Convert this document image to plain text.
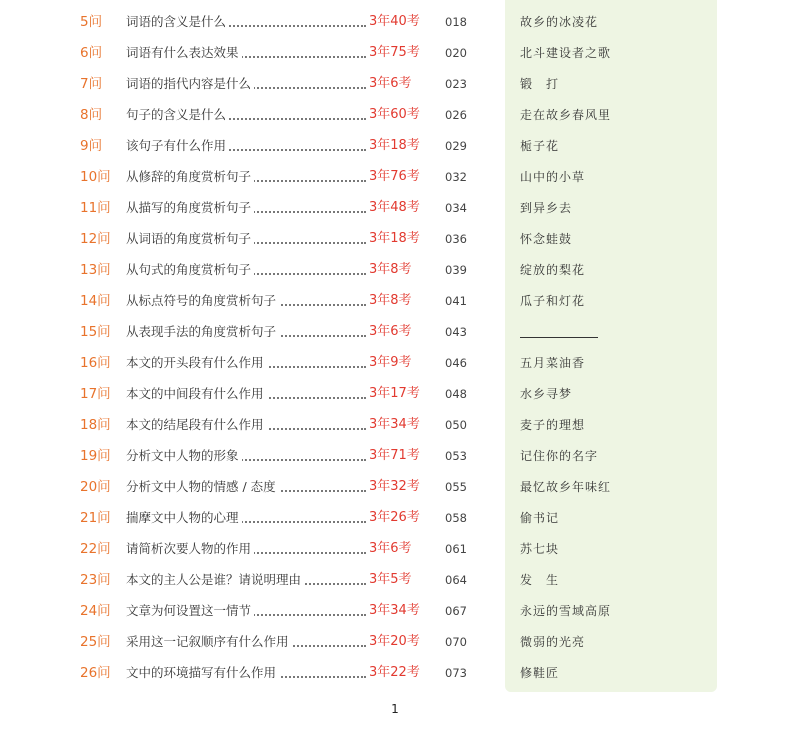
5问	词语的含义是什么	3年40考	018
6问	词语有什么表达效果	3年75考	020
7问	词语的指代内容是什么	3年6考	023
8问	句子的含义是什么	3年60考	026
9问	该句子有什么作用	3年18考	029
10问	从修辞的角度赏析句子	3年76考	032
11问	从描写的角度赏析句子	3年48考	034
12问	从词语的角度赏析句子	3年18考	036
13问	从句式的角度赏析句子	3年8考	039
14问	从标点符号的角度赏析句子	3年8考	041
15问	从表现手法的角度赏析句子	3年6考	043
16问	本文的开头段有什么作用	3年9考	046
17问	本文的中间段有什么作用	3年17考	048
18问	本文的结尾段有什么作用	3年34考	050
19问	分析文中人物的形象	3年71考	053
20问	分析文中人物的情感 / 态度	3年32考	055
21问	揣摩文中人物的心理	3年26考	058
22问	请简析次要人物的作用	3年6考	061
23问	本文的主人公是谁？请说明理由	3年5考	064
24问	文章为何设置这一情节	3年34考	067
25问	采用这一记叙顺序有什么作用	3年20考	070
26问	文中的环境描写有什么作用	3年22考	073
故乡的冰凌花
北斗建设者之歌
锻　打
走在故乡春风里
栀子花
山中的小草
到异乡去
怀念蛙鼓
绽放的梨花
瓜子和灯花
五月菜油香
水乡寻梦
麦子的理想
记住你的名字
最忆故乡年味红
偷书记
苏七块
发　生
永远的雪域高原
微弱的光亮
修鞋匠
1
